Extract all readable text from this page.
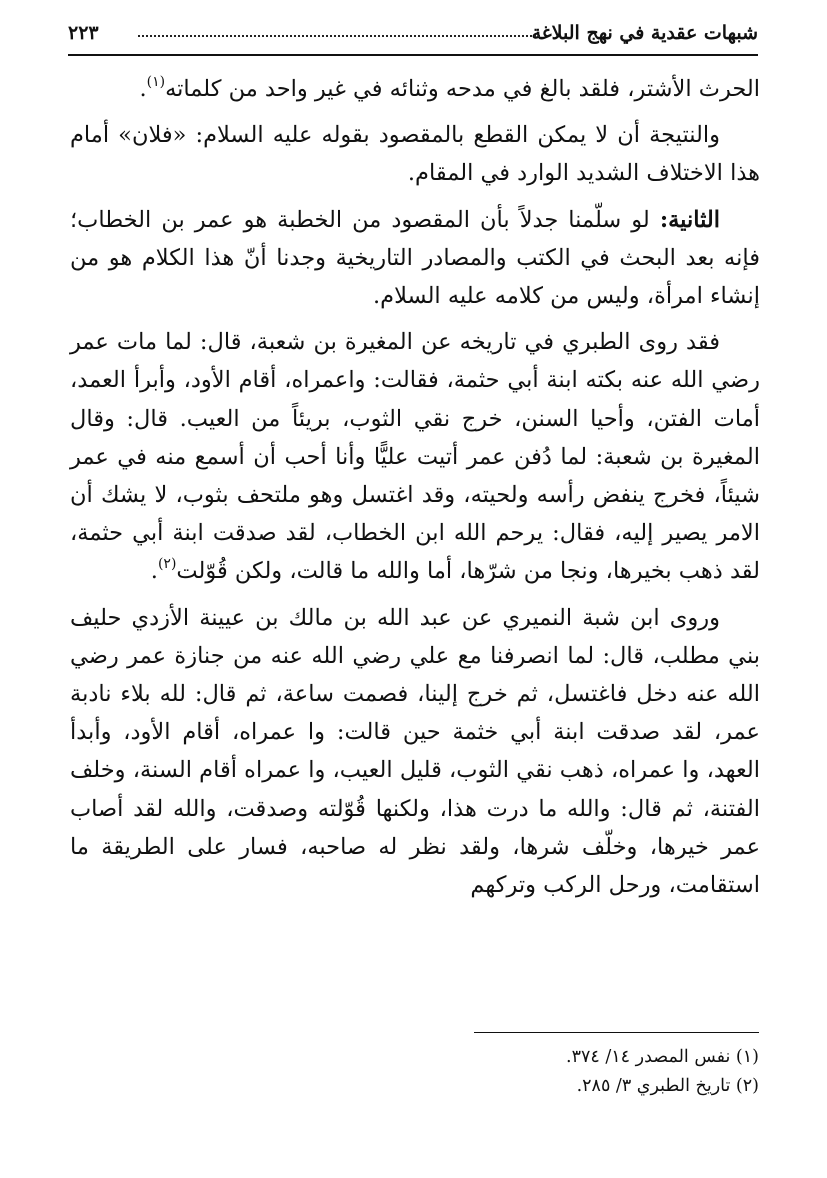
شبهات عقدية في نهج البلاغة
٢٢٣

الحرث الأشتر، فلقد بالغ في مدحه وثنائه في غير واحد من كلماته$^{(١)}$.

والنتيجة أن لا يمكن القطع بالمقصود بقوله عليه السلام: «فلان» أمام هذا الاختلاف الشديد الوارد في المقام.

الثانية: لو سلّمنا جدلاً بأن المقصود من الخطبة هو عمر بن الخطاب؛ فإنه بعد البحث في الكتب والمصادر التاريخية وجدنا أنّ هذا الكلام هو من إنشاء امرأة، وليس من كلامه عليه السلام.

فقد روى الطبري في تاريخه عن المغيرة بن شعبة، قال: لما مات عمر رضي الله عنه بكته ابنة أبي حثمة، فقالت: واعمراه، أقام الأود، وأبرأ العمد، أمات الفتن، وأحيا السنن، خرج نقي الثوب، بريئاً من العيب. قال: وقال المغيرة بن شعبة: لما دُفن عمر أتيت عليًّا وأنا أحب أن أسمع منه في عمر شيئاً، فخرج ينفض رأسه ولحيته، وقد اغتسل وهو ملتحف بثوب، لا يشك أن الامر يصير إليه، فقال: يرحم الله ابن الخطاب، لقد صدقت ابنة أبي حثمة، لقد ذهب بخيرها، ونجا من شرّها، أما والله ما قالت، ولكن قُوّلت$^{(٢)}$.

وروى ابن شبة النميري عن عبد الله بن مالك بن عيينة الأزدي حليف بني مطلب، قال: لما انصرفنا مع علي رضي الله عنه من جنازة عمر رضي الله عنه دخل فاغتسل، ثم خرج إلينا، فصمت ساعة، ثم قال: لله بلاء نادبة عمر، لقد صدقت ابنة أبي خثمة حين قالت: وا عمراه، أقام الأود، وأبدأ العهد، وا عمراه، ذهب نقي الثوب، قليل العيب، وا عمراه أقام السنة، وخلف الفتنة، ثم قال: والله ما درت هذا، ولكنها قُوّلته وصدقت، والله لقد أصاب عمر خيرها، وخلّف شرها، ولقد نظر له صاحبه، فسار على الطريقة ما استقامت، ورحل الركب وتركهم

(١) نفس المصدر ١٤/ ٣٧٤.

(٢) تاريخ الطبري ٣/ ٢٨٥.
